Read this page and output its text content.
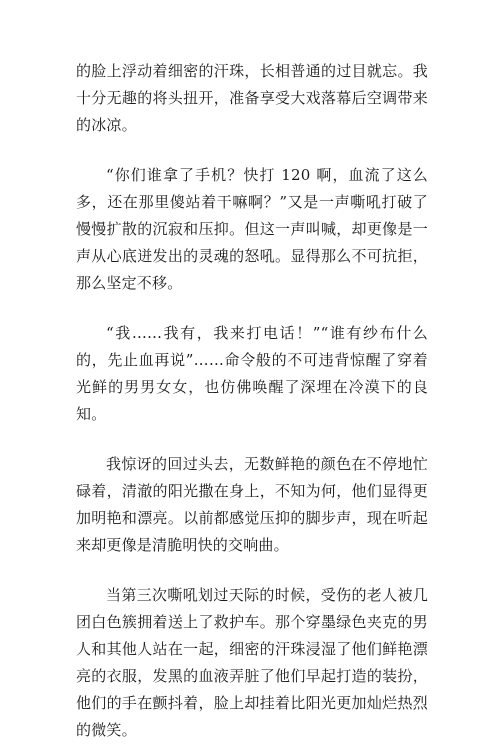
的脸上浮动着细密的汗珠，长相普通的过目就忘。我十分无趣的将头扭开，准备享受大戏落幕后空调带来的冰凉。

“你们谁拿了手机？快打 120 啊，血流了这么多，还在那里傻站着干嘛啊？”又是一声嘶吼打破了慢慢扩散的沉寂和压抑。但这一声叫喊，却更像是一声从心底迸发出的灵魂的怒吼。显得那么不可抗拒，那么坚定不移。

“我……我有，我来打电话！”“谁有纱布什么的，先止血再说”……命令般的不可违背惊醒了穿着光鲜的男男女女，也仿佛唤醒了深埋在冷漠下的良知。

我惊讶的回过头去，无数鲜艳的颜色在不停地忙碌着，清澈的阳光撒在身上，不知为何，他们显得更加明艳和漂亮。以前都感觉压抑的脚步声，现在听起来却更像是清脆明快的交响曲。

当第三次嘶吼划过天际的时候，受伤的老人被几团白色簇拥着送上了救护车。那个穿墨绿色夹克的男人和其他人站在一起，细密的汗珠浸湿了他们鲜艳漂亮的衣服，发黑的血液弄脏了他们早起打造的装扮，他们的手在颤抖着，脸上却挂着比阳光更加灿烂热烈的微笑。
